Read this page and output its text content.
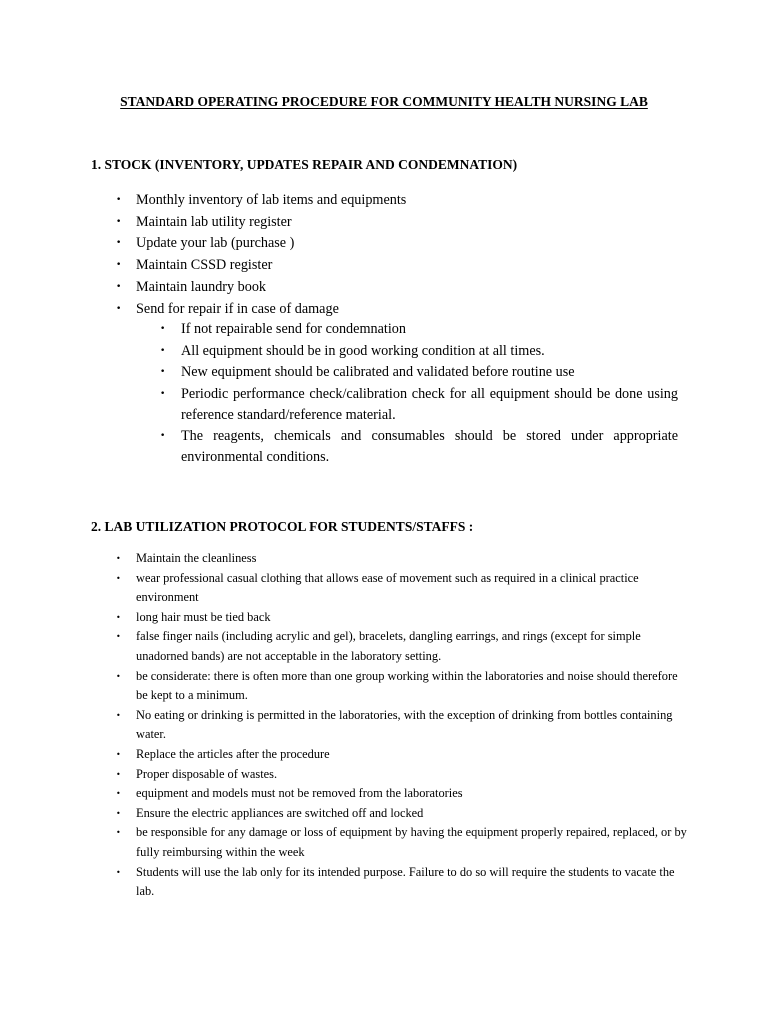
STANDARD OPERATING PROCEDURE FOR COMMUNITY HEALTH NURSING LAB
1. STOCK (INVENTORY, UPDATES REPAIR AND CONDEMNATION)
• Monthly inventory of lab items and equipments
• Maintain lab utility register
• Update your lab (purchase )
• Maintain CSSD register
• Maintain laundry book
• Send for repair if in case of damage
• If not repairable send for condemnation
• All equipment should be in good working condition at all times.
• New equipment should be calibrated and validated before routine use
• Periodic performance check/calibration check for all equipment should be done using reference standard/reference material.
• The reagents, chemicals and consumables should be stored under appropriate environmental conditions.
2. LAB UTILIZATION PROTOCOL FOR STUDENTS/STAFFS :
• Maintain the cleanliness
• wear professional casual clothing that allows ease of movement such as required in a clinical practice environment
• long hair must be tied back
• false finger nails (including acrylic and gel), bracelets, dangling earrings, and rings (except for simple unadorned bands) are not acceptable in the laboratory setting.
• be considerate: there is often more than one group working within the laboratories and noise should therefore be kept to a minimum.
• No eating or drinking is permitted in the laboratories, with the exception of drinking from bottles containing water.
• Replace the articles after the procedure
• Proper disposable of wastes.
• equipment and models must not be removed from the laboratories
• Ensure the electric appliances are switched off and locked
• be responsible for any damage or loss of equipment by having the equipment properly repaired, replaced, or by fully reimbursing within the week
• Students will use the lab only for its intended purpose. Failure to do so will require the students to vacate the lab.
